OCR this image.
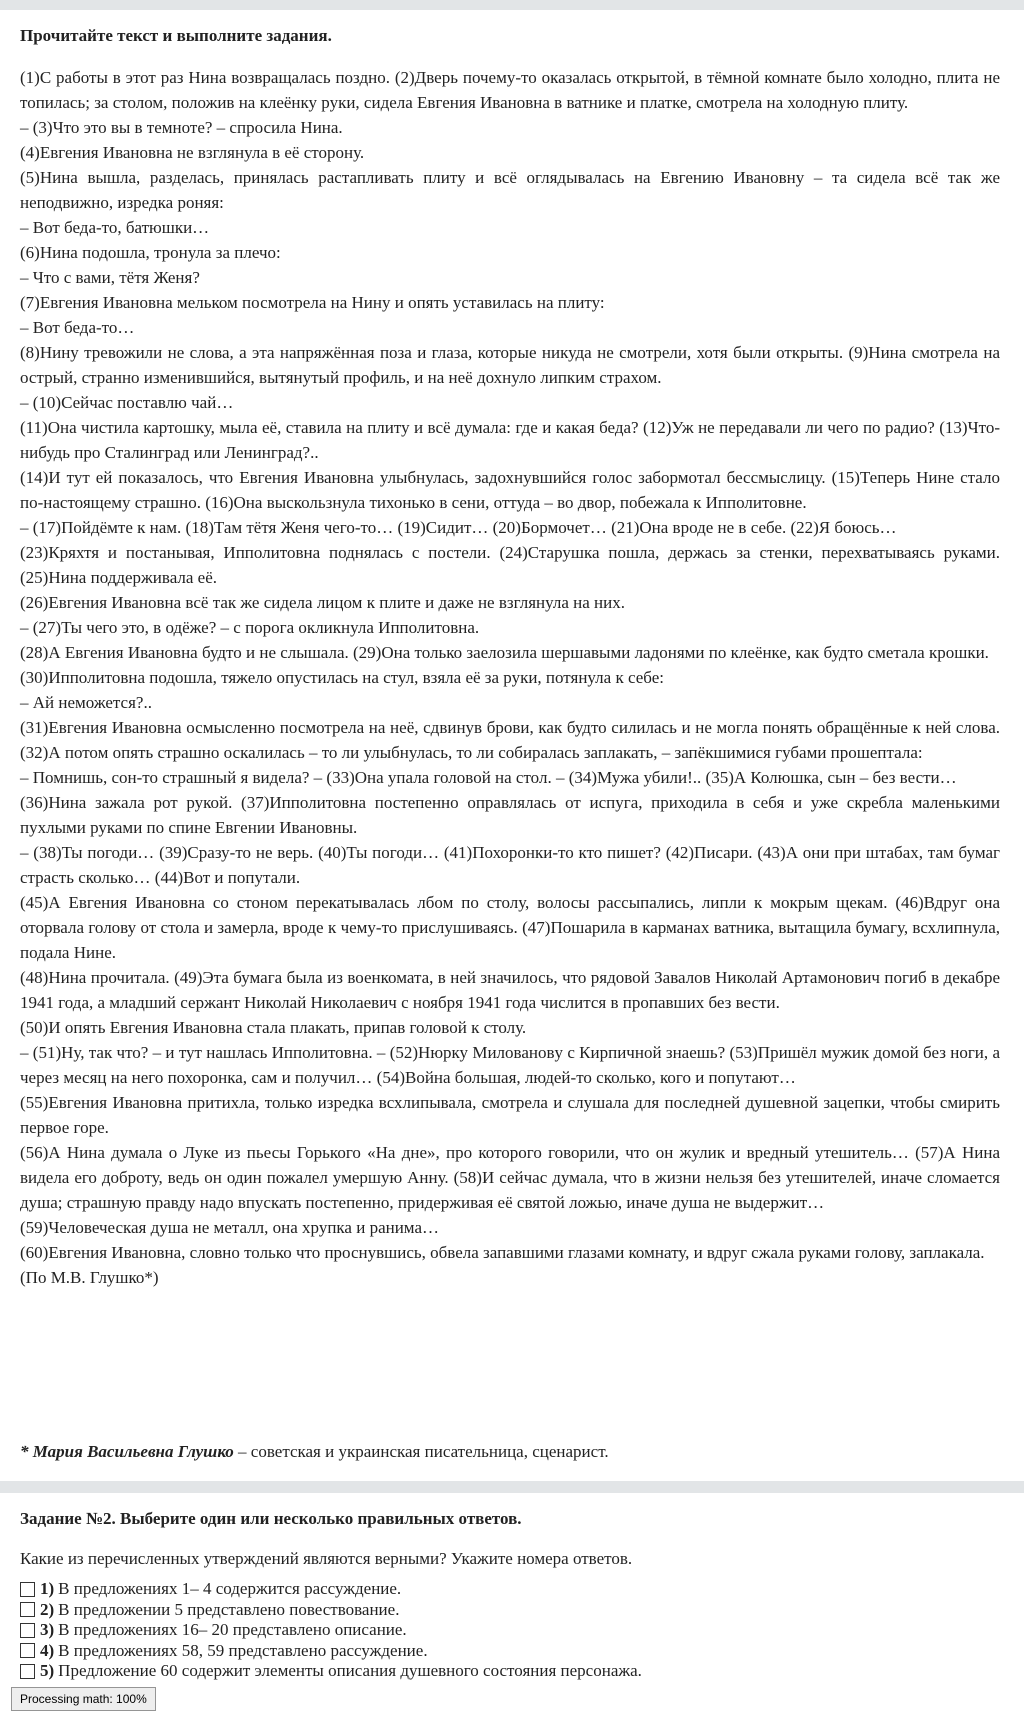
Прочитайте текст и выполните задания.

(1)С работы в этот раз Нина возвращалась поздно. (2)Дверь почему-то оказалась открытой, в тёмной комнате было холодно, плита не топилась; за столом, положив на клеёнку руки, сидела Евгения Ивановна в ватнике и платке, смотрела на холодную плиту.

– (3)Что это вы в темноте? – спросила Нина.

(4)Евгения Ивановна не взглянула в её сторону.

(5)Нина вышла, разделась, принялась растапливать плиту и всё оглядывалась на Евгению Ивановну – та сидела всё так же неподвижно, изредка роняя:

– Вот беда-то, батюшки…

(6)Нина подошла, тронула за плечо:

– Что с вами, тётя Женя?

(7)Евгения Ивановна мельком посмотрела на Нину и опять уставилась на плиту:

– Вот беда-то…

(8)Нину тревожили не слова, а эта напряжённая поза и глаза, которые никуда не смотрели, хотя были открыты. (9)Нина смотрела на острый, странно изменившийся, вытянутый профиль, и на неё дохнуло липким страхом.

– (10)Сейчас поставлю чай…

(11)Она чистила картошку, мыла её, ставила на плиту и всё думала: где и какая беда? (12)Уж не передавали ли чего по радио? (13)Что-нибудь про Сталинград или Ленинград?..

(14)И тут ей показалось, что Евгения Ивановна улыбнулась, задохнувшийся голос забормотал бессмыслицу. (15)Теперь Нине стало по-настоящему страшно. (16)Она выскользнула тихонько в сени, оттуда – во двор, побежала к Ипполитовне.

– (17)Пойдёмте к нам. (18)Там тётя Женя чего-то… (19)Сидит… (20)Бормочет… (21)Она вроде не в себе. (22)Я боюсь…

(23)Кряхтя и постанывая, Ипполитовна поднялась с постели. (24)Старушка пошла, держась за стенки, перехватываясь руками. (25)Нина поддерживала её.

(26)Евгения Ивановна всё так же сидела лицом к плите и даже не взглянула на них.

– (27)Ты чего это, в одёже? – с порога окликнула Ипполитовна.

(28)А Евгения Ивановна будто и не слышала. (29)Она только заелозила шершавыми ладонями по клеёнке, как будто сметала крошки.

(30)Ипполитовна подошла, тяжело опустилась на стул, взяла её за руки, потянула к себе:

– Ай неможется?..

(31)Евгения Ивановна осмысленно посмотрела на неё, сдвинув брови, как будто силилась и не могла понять обращённые к ней слова. (32)А потом опять страшно оскалилась – то ли улыбнулась, то ли собиралась заплакать, – запёкшимися губами прошептала:

– Помнишь, сон-то страшный я видела? – (33)Она упала головой на стол. – (34)Мужа убили!.. (35)А Колюшка, сын – без вести…

(36)Нина зажала рот рукой. (37)Ипполитовна постепенно оправлялась от испуга, приходила в себя и уже скребла маленькими пухлыми руками по спине Евгении Ивановны.

– (38)Ты погоди… (39)Сразу-то не верь. (40)Ты погоди… (41)Похоронки-то кто пишет? (42)Писари. (43)А они при штабах, там бумаг страсть сколько… (44)Вот и попутали.

(45)А Евгения Ивановна со стоном перекатывалась лбом по столу, волосы рассыпались, липли к мокрым щекам. (46)Вдруг она оторвала голову от стола и замерла, вроде к чему-то прислушиваясь. (47)Пошарила в карманах ватника, вытащила бумагу, всхлипнула, подала Нине.

(48)Нина прочитала. (49)Эта бумага была из военкомата, в ней значилось, что рядовой Завалов Николай Артамонович погиб в декабре 1941 года, а младший сержант Николай Николаевич с ноября 1941 года числится в пропавших без вести.

(50)И опять Евгения Ивановна стала плакать, припав головой к столу.

– (51)Ну, так что? – и тут нашлась Ипполитовна. – (52)Нюрку Миловановy с Кирпичной знаешь? (53)Пришёл мужик домой без ноги, а через месяц на него похоронка, сам и получил… (54)Война большая, людей-то сколько, кого и попутают…

(55)Евгения Ивановна притихла, только изредка всхлипывала, смотрела и слушала для последней душевной зацепки, чтобы смирить первое горе.

(56)А Нина думала о Луке из пьесы Горького «На дне», про которого говорили, что он жулик и вредный утешитель… (57)А Нина видела его доброту, ведь он один пожалел умершую Анну. (58)И сейчас думала, что в жизни нельзя без утешителей, иначе сломается душа; страшную правду надо впускать постепенно, придерживая её святой ложью, иначе душа не выдержит…

(59)Человеческая душа не металл, она хрупка и ранима…

(60)Евгения Ивановна, словно только что проснувшись, обвела запавшими глазами комнату, и вдруг сжала руками голову, заплакала.

(По М.В. Глушко*)

* Мария Васильевна Глушко – советская и украинская писательница, сценарист.
Задание №2. Выберите один или несколько правильных ответов.
Какие из перечисленных утверждений являются верными? Укажите номера ответов.
1) В предложениях 1– 4 содержится рассуждение.
2) В предложении 5 представлено повествование.
3) В предложениях 16– 20 представлено описание.
4) В предложениях 58, 59 представлено рассуждение.
5) Предложение 60 содержит элементы описания душевного состояния персонажа.
Processing math: 100%
